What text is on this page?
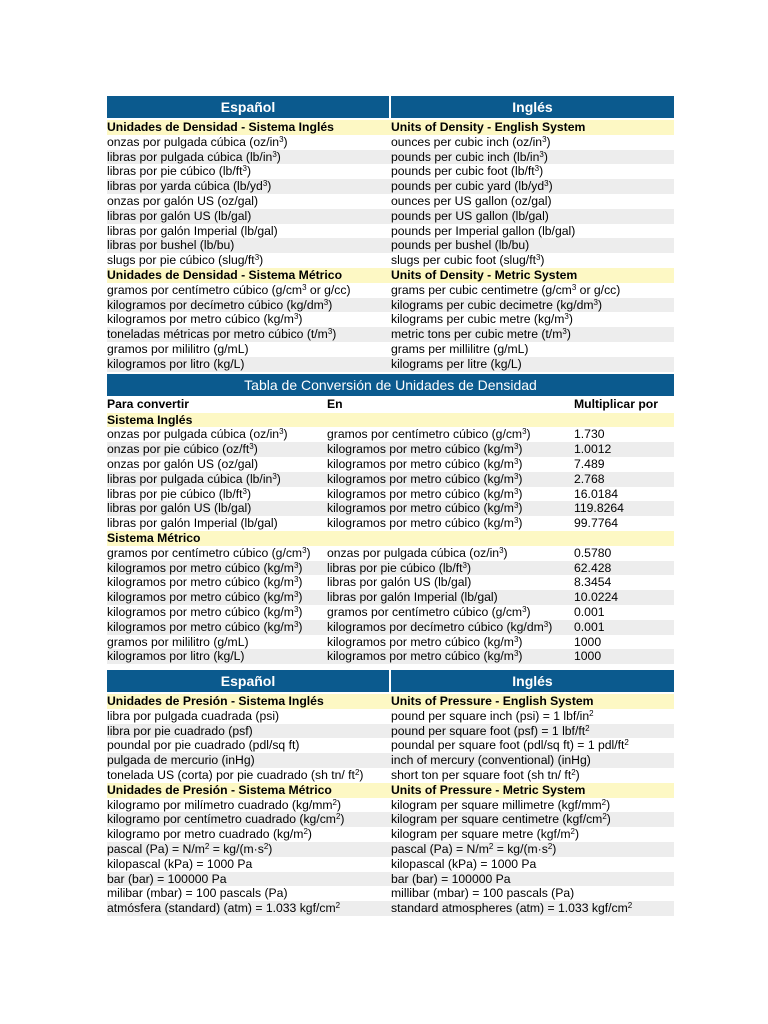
Español	Inglés
Unidades de Densidad - Sistema Inglés	Units of Density - English System
onzas por pulgada cúbica $(oz/in^3)$	ounces per cubic inch $(oz/in^3)$
libras por pulgada cúbica $(lb/in^3)$	pounds per cubic inch $(lb/in^3)$
libras por pie cúbico $(lb/ft^3)$	pounds per cubic foot $(lb/ft^3)$
libras por yarda cúbica $(lb/yd^3)$	pounds per cubic yard $(lb/yd^3)$
onzas por galón US (oz/gal)	ounces per US gallon (oz/gal)
libras por galón US (lb/gal)	pounds per US gallon (lb/gal)
libras por galón Imperial (lb/gal)	pounds per Imperial gallon (lb/gal)
libras por bushel (lb/bu)	pounds per bushel (lb/bu)
slugs por pie cúbico $(slug/ft^3)$	slugs per cubic foot $(slug/ft^3)$
Unidades de Densidad - Sistema Métrico	Units of Density - Metric System
gramos por centímetro cúbico ($g/cm^3$ or g/cc)	grams per cubic centimetre ($g/cm^3$ or g/cc)
kilogramos por decímetro cúbico $(kg/dm^3)$	kilograms per cubic decimetre $(kg/dm^3)$
kilogramos por metro cúbico $(kg/m^3)$	kilograms per cubic metre $(kg/m^3)$
toneladas métricas por metro cúbico $(t/m^3)$	metric tons per cubic metre $(t/m^3)$
gramos por mililitro (g/mL)	grams per millilitre (g/mL)
kilogramos por litro (kg/L)	kilograms per litre (kg/L)
Tabla de Conversión de Unidades de Densidad
Para convertir	En	Multiplicar por
Sistema Inglés
onzas por pulgada cúbica $(oz/in^3)$	gramos por centímetro cúbico $(g/cm^3)$	1.730
onzas por pie cúbico $(oz/ft^3)$	kilogramos por metro cúbico $(kg/m^3)$	1.0012
onzas por galón US (oz/gal)	kilogramos por metro cúbico $(kg/m^3)$	7.489
libras por pulgada cúbica $(lb/in^3)$	kilogramos por metro cúbico $(kg/m^3)$	2.768
libras por pie cúbico $(lb/ft^3)$	kilogramos por metro cúbico $(kg/m^3)$	16.0184
libras por galón US (lb/gal)	kilogramos por metro cúbico $(kg/m^3)$	119.8264
libras por galón Imperial (lb/gal)	kilogramos por metro cúbico $(kg/m^3)$	99.7764
Sistema Métrico
gramos por centímetro cúbico $(g/cm^3)$	onzas por pulgada cúbica $(oz/in^3)$	0.5780
kilogramos por metro cúbico $(kg/m^3)$	libras por pie cúbico $(lb/ft^3)$	62.428
kilogramos por metro cúbico $(kg/m^3)$	libras por galón US (lb/gal)	8.3454
kilogramos por metro cúbico $(kg/m^3)$	libras por galón Imperial (lb/gal)	10.0224
kilogramos por metro cúbico $(kg/m^3)$	gramos por centímetro cúbico $(g/cm^3)$	0.001
kilogramos por metro cúbico $(kg/m^3)$	kilogramos por decímetro cúbico $(kg/dm^3)$	0.001
gramos por mililitro (g/mL)	kilogramos por metro cúbico $(kg/m^3)$	1000
kilogramos por litro (kg/L)	kilogramos por metro cúbico $(kg/m^3)$	1000
Español	Inglés
Unidades de Presión - Sistema Inglés	Units of Pressure - English System
libra por pulgada cuadrada (psi)	pound per square inch (psi) = 1 lbf/$in^2$
libra por pie cuadrado (psf)	pound per square foot (psf) = 1 lbf/$ft^2$
poundal por pie cuadrado (pdl/sq ft)	poundal per square foot (pdl/sq ft) = 1 pdl/$ft^2$
pulgada de mercurio (inHg)	inch of mercury (conventional) (inHg)
tonelada US (corta) por pie cuadrado (sh tn/ $ft^2$)	short ton per square foot (sh tn/ $ft^2$)
Unidades de Presión - Sistema Métrico	Units of Pressure - Metric System
kilogramo por milímetro cuadrado $(kg/mm^2)$	kilogram per square millimetre $(kgf/mm^2)$
kilogramo por centímetro cuadrado $(kg/cm^2)$	kilogram per square centimetre $(kgf/cm^2)$
kilogramo por metro cuadrado $(kg/m^2)$	kilogram per square metre $(kgf/m^2)$
pascal $(Pa) = N/m^2 = kg/(m\cdot s^2)$	pascal $(Pa) = N/m^2 = kg/(m\cdot s^2)$
kilopascal (kPa) = 1000 Pa	kilopascal (kPa) = 1000 Pa
bar (bar) = 100000 Pa	bar (bar) = 100000 Pa
milibar (mbar) = 100 pascals (Pa)	millibar (mbar) = 100 pascals (Pa)
atmósfera (standard) (atm) = 1.033 kgf/$cm^2$	standard atmospheres (atm) = 1.033 kgf/$cm^2$
